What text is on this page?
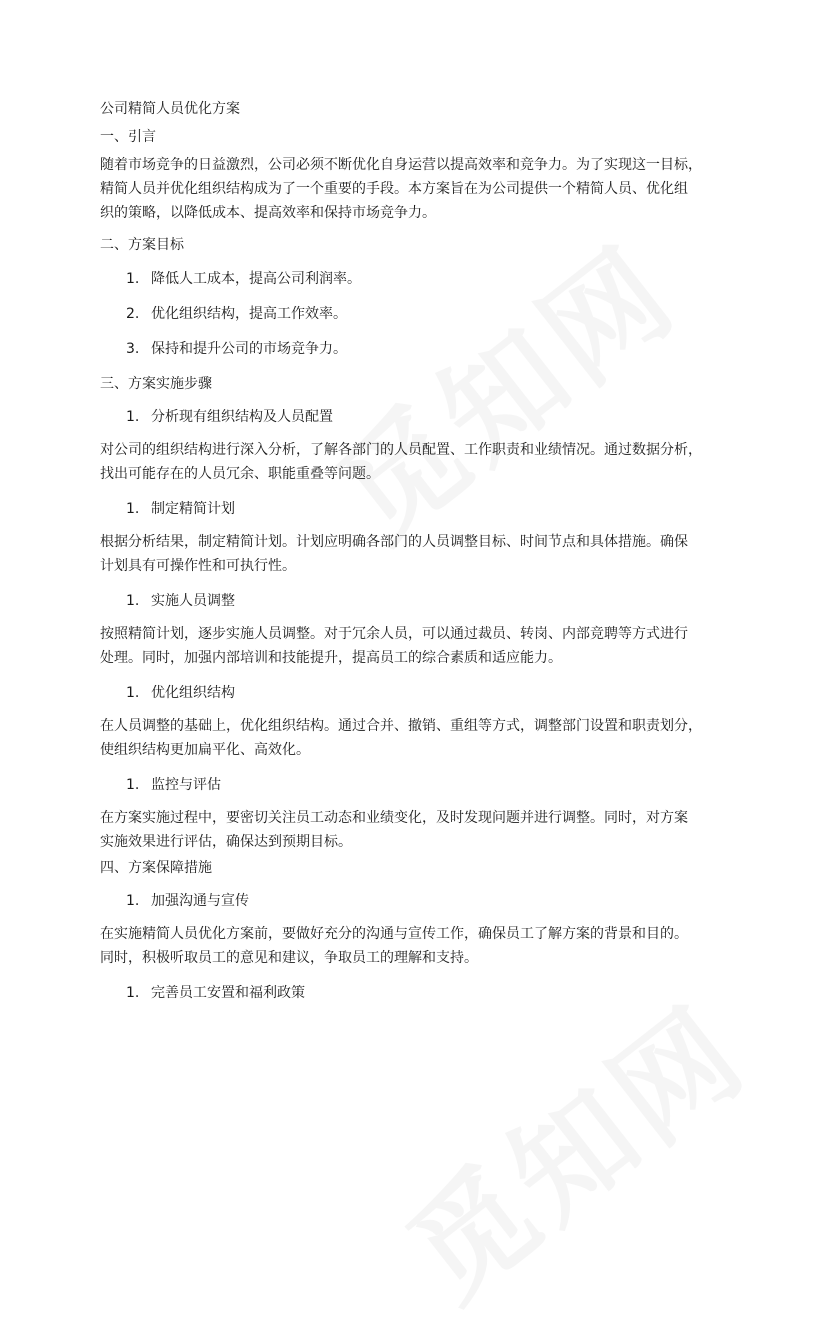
公司精简人员优化方案
一、引言
随着市场竞争的日益激烈，公司必须不断优化自身运营以提高效率和竞争力。为了实现这一目标，
精简人员并优化组织结构成为了一个重要的手段。本方案旨在为公司提供一个精简人员、优化组
织的策略，以降低成本、提高效率和保持市场竞争力。
二、方案目标
1. 降低人工成本，提高公司利润率。
2. 优化组织结构，提高工作效率。
3. 保持和提升公司的市场竞争力。
三、方案实施步骤
1. 分析现有组织结构及人员配置
对公司的组织结构进行深入分析，了解各部门的人员配置、工作职责和业绩情况。通过数据分析，
找出可能存在的人员冗余、职能重叠等问题。
1. 制定精简计划
根据分析结果，制定精简计划。计划应明确各部门的人员调整目标、时间节点和具体措施。确保
计划具有可操作性和可执行性。
1. 实施人员调整
按照精简计划，逐步实施人员调整。对于冗余人员，可以通过裁员、转岗、内部竞聘等方式进行
处理。同时，加强内部培训和技能提升，提高员工的综合素质和适应能力。
1. 优化组织结构
在人员调整的基础上，优化组织结构。通过合并、撤销、重组等方式，调整部门设置和职责划分，
使组织结构更加扁平化、高效化。
1. 监控与评估
在方案实施过程中，要密切关注员工动态和业绩变化，及时发现问题并进行调整。同时，对方案
实施效果进行评估，确保达到预期目标。
四、方案保障措施
1. 加强沟通与宣传
在实施精简人员优化方案前，要做好充分的沟通与宣传工作，确保员工了解方案的背景和目的。
同时，积极听取员工的意见和建议，争取员工的理解和支持。
1. 完善员工安置和福利政策
